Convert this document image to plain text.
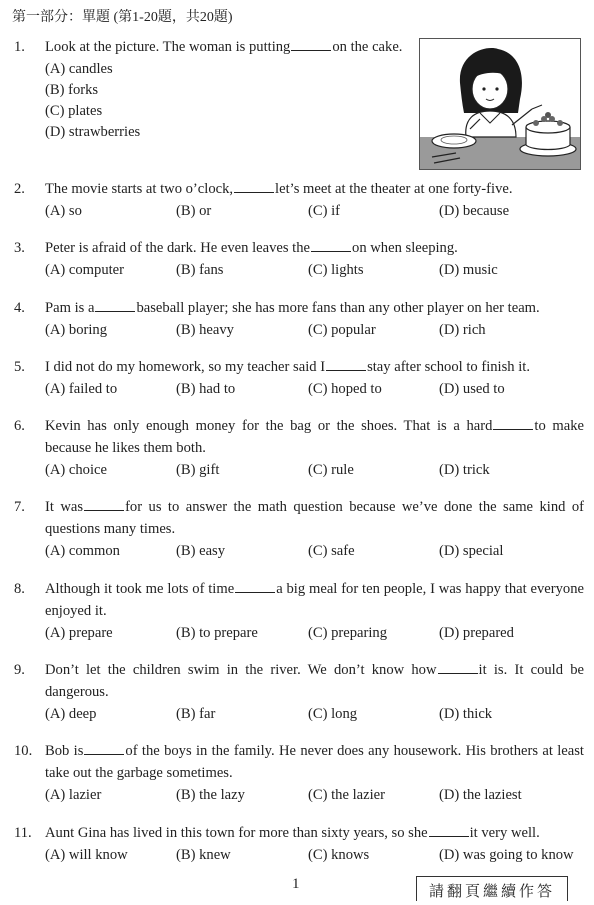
第一部分：單題 (第1-20題，共20題)
1. Look at the picture. The woman is putting	on the cake.
(A) candles
(B) forks
(C) plates
(D) strawberries
2. The movie starts at two o’clock,	let’s meet at the theater at one forty-five.
(A) so	(B) or	(C) if	(D) because
3. Peter is afraid of the dark. He even leaves the	on when sleeping.
(A) computer	(B) fans	(C) lights	(D) music
4. Pam is a	baseball player; she has more fans than any other player on her team.
(A) boring	(B) heavy	(C) popular	(D) rich
5. I did not do my homework, so my teacher said I	stay after school to finish it.
(A) failed to	(B) had to	(C) hoped to	(D) used to
6. Kevin has only enough money for the bag or the shoes. That is a hard	to make because he likes them both.
(A) choice	(B) gift	(C) rule	(D) trick
7. It was	for us to answer the math question because we’ve done the same kind of questions many times.
(A) common	(B) easy	(C) safe	(D) special
8. Although it took me lots of time	a big meal for ten people, I was happy that everyone enjoyed it.
(A) prepare	(B) to prepare	(C) preparing	(D) prepared
9. Don’t let the children swim in the river. We don’t know how	it is. It could be dangerous.
(A) deep	(B) far	(C) long	(D) thick
10. Bob is	of the boys in the family. He never does any housework. His brothers at least take out the garbage sometimes.
(A) lazier	(B) the lazy	(C) the lazier	(D) the laziest
11. Aunt Gina has lived in this town for more than sixty years, so she	it very well.
(A) will know	(B) knew	(C) knows	(D) was going to know
1	請翻頁繼續作答
